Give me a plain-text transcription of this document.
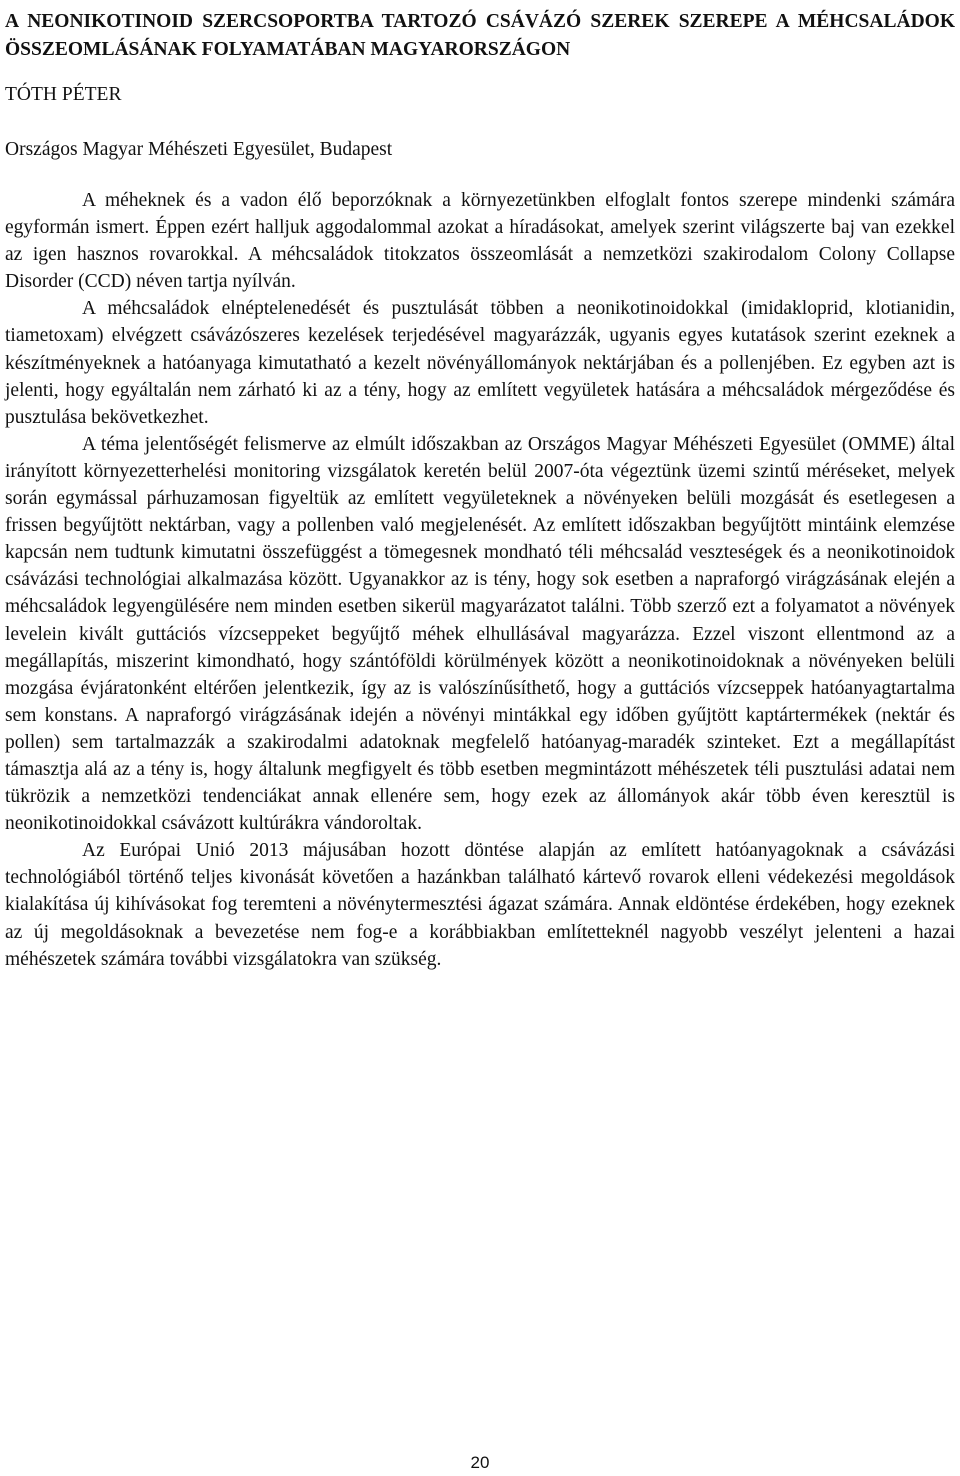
A NEONIKOTINOID SZERCSOPORTBA TARTOZÓ CSÁVÁZÓ SZEREK SZEREPE A MÉHCSALÁDOK ÖSSZEOMLÁSÁNAK FOLYAMATÁBAN MAGYARORSZÁGON
TÓTH PÉTER
Országos Magyar Méhészeti Egyesület, Budapest

A méheknek és a vadon élő beporzóknak a környezetünkben elfoglalt fontos szerepe mindenki számára egyformán ismert. Éppen ezért halljuk aggodalommal azokat a híradásokat, amelyek szerint világszerte baj van ezekkel az igen hasznos rovarokkal. A méhcsaládok titokzatos összeomlását a nemzetközi szakirodalom Colony Collapse Disorder (CCD) néven tartja nyílván.

A méhcsaládok elnéptelenedését és pusztulását többen a neonikotinoidokkal (imidakloprid, klotianidin, tiametoxam) elvégzett csávázószeres kezelések terjedésével magyarázzák, ugyanis egyes kutatások szerint ezeknek a készítményeknek a hatóanyaga kimutatható a kezelt növényállományok nektárjában és a pollenjében. Ez egyben azt is jelenti, hogy egyáltalán nem zárható ki az a tény, hogy az említett vegyületek hatására a méhcsaládok mérgeződése és pusztulása bekövetkezhet.

A téma jelentőségét felismerve az elmúlt időszakban az Országos Magyar Méhészeti Egyesület (OMME) által irányított környezetterhelési monitoring vizsgálatok keretén belül 2007-óta végeztünk üzemi szintű méréseket, melyek során egymással párhuzamosan figyeltük az említett vegyületeknek a növényeken belüli mozgását és esetlegesen a frissen begyűjtött nektárban, vagy a pollenben való megjelenését. Az említett időszakban begyűjtött mintáink elemzése kapcsán nem tudtunk kimutatni összefüggést a tömegesnek mondható téli méhcsalád veszteségek és a neonikotinoidok csávázási technológiai alkalmazása között. Ugyanakkor az is tény, hogy sok esetben a napraforgó virágzásának elején a méhcsaládok legyengülésére nem minden esetben sikerül magyarázatot találni. Több szerző ezt a folyamatot a növények levelein kivált guttációs vízcseppeket begyűjtő méhek elhullásával magyarázza. Ezzel viszont ellentmond az a megállapítás, miszerint kimondható, hogy szántóföldi körülmények között a neonikotinoidoknak a növényeken belüli mozgása évjáratonként eltérően jelentkezik, így az is valószínűsíthető, hogy a guttációs vízcseppek hatóanyagtartalma sem konstans. A napraforgó virágzásának idején a növényi mintákkal egy időben gyűjtött kaptártermékek (nektár és pollen) sem tartalmazzák a szakirodalmi adatoknak megfelelő hatóanyag-maradék szinteket. Ezt a megállapítást támasztja alá az a tény is, hogy általunk megfigyelt és több esetben megmintázott méhészetek téli pusztulási adatai nem tükrözik a nemzetközi tendenciákat annak ellenére sem, hogy ezek az állományok akár több éven keresztül is neonikotinoidokkal csávázott kultúrákra vándoroltak.

Az Európai Unió 2013 májusában hozott döntése alapján az említett hatóanyagoknak a csávázási technológiából történő teljes kivonását követően a hazánkban található kártevő rovarok elleni védekezési megoldások kialakítása új kihívásokat fog teremteni a növénytermesztési ágazat számára. Annak eldöntése érdekében, hogy ezeknek az új megoldásoknak a bevezetése nem fog-e a korábbiakban említetteknél nagyobb veszélyt jelenteni a hazai méhészetek számára további vizsgálatokra van szükség.

20
